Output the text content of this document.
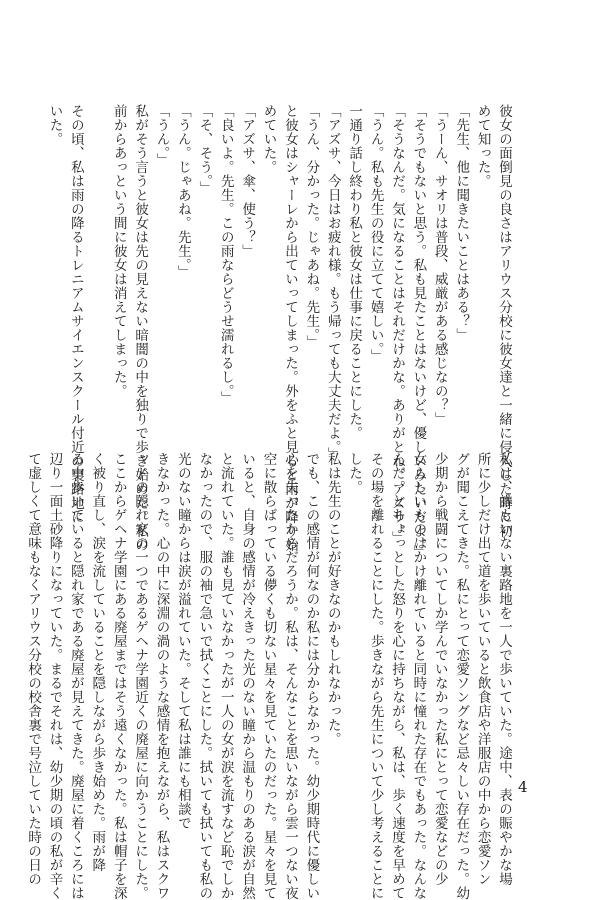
彼女の面倒見の良さはアリウス分校に彼女達と一緒に侵入した時に初
めて知った。
「先生、他に聞きたいことはある？」
「うーん、サオリは普段、威厳がある感じなの？」
「そうでもないと思う。私も見たことはないけど、優しいみたいだよ。」
「そうなんだ。気になることはそれだけかな。ありがとね。アズサ。」
「うん。私も先生の役に立てて嬉しい。」
一通り話し終わり私と彼女は仕事に戻ることにした。
「アズサ、今日はお疲れ様。もう帰っても大丈夫だよ。」
「うん、分かった。じゃあね。先生。」
と彼女はシャーレから出ていってしまった。外をふと見ると雨が降り始
めていた。
「アズサ、傘、使う？」
「良いよ。先生。この雨ならどうせ濡れるし。」
「そ、そう。」
「うん。じゃあね。先生。」
「うん。」
私がそう言うと彼女は先の見えない暗闇の中を独りで歩き始めた。私の
前からあっという間に彼女は消えてしまった。

その頃、私は雨の降るトレニアムサイエンスクール付近の裏路地に
いた。
私は、誰もいない裏路地を一人で歩いていた。途中、表の賑やかな場
所に少しだけ出て道を歩いていると飲食店や洋服店の中から恋愛ソン
グが聞こえてきた。私にとって恋愛ソングなど忌々しい存在だった。幼
少期から戦闘についてしか学んでいなかった私にとって恋愛などの少
女らしいものはかけ離れていると同時に憧れた存在でもあった。なんな
んだ。とちょっとした怒りを心に持ちながら、私は、歩く速度を早めて
その場を離れることにした。歩きながら先生について少し考えることに
した。
私は先生のことが好きなのかもしれなかった。
でも、この感情が何なのか私には分からなかった。幼少期時代に優しい
心を失ったからだろうか。私は、そんなことを思いながら雲一つない夜
空に散らばっている儚くも切ない星々を見ていたのだった。星々を見て
いると、自身の感情が冷えきった光のない瞳から温もりのある涙が自然
と流れていた。誰も見ていなかったが一人の女が涙を流すなど恥でしか
なかったので、服の袖で急いで拭くことにした。拭いても拭いても私の
光のない瞳からは涙が溢れていた。そして私は誰にも相談で
きなかった。心の中に深淵の渦のような感情を抱えながら、私はスクワ
ッドの隠れ家の一つであるゲヘナ学園近くの廃屋に向かうことにした。
ここからゲヘナ学園にある廃屋まではそう遠くなかった。私は帽子を深
く被り直し、涙を流していることを隠しながら歩き始めた。雨が降
る中歩いていると隠れ家である廃屋が見えてきた。廃屋に着くころには
辺り一面土砂降りになっていた。まるでそれは、幼少期の頃の私が辛く
て虚しくて意味もなくアリウス分校の校舎裏で号泣していた時の日の	4
